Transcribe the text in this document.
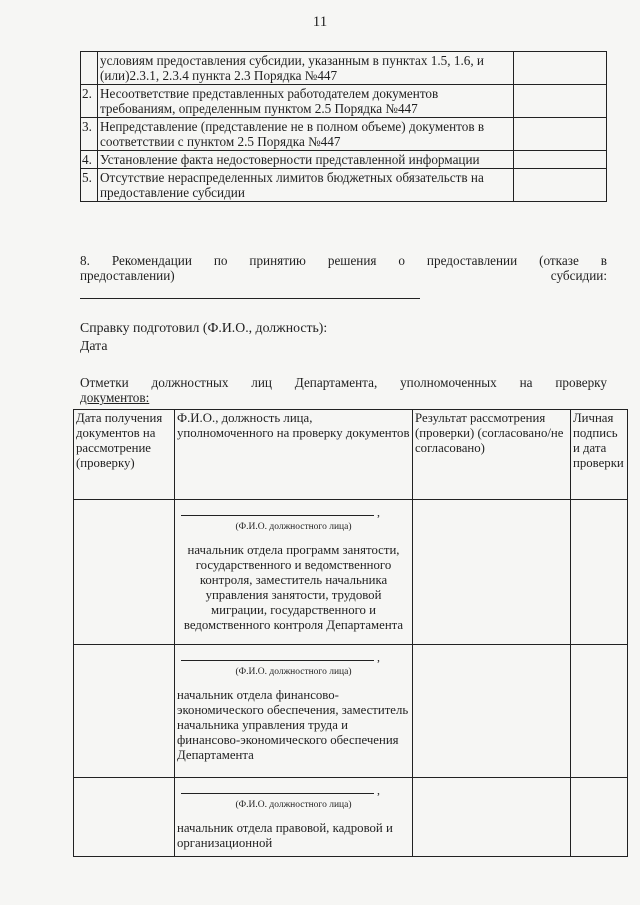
11
	условиям предоставления субсидии, указанным в пунктах 1.5, 1.6, и (или)2.3.1, 2.3.4 пункта 2.3 Порядка №447	
2.	Несоответствие представленных работодателем документов требованиям, определенным пунктом 2.5 Порядка №447	
3.	Непредставление (представление не в полном объеме) документов в соответствии с пунктом 2.5 Порядка №447	
4.	Установление факта недостоверности представленной информации	
5.	Отсутствие нераспределенных лимитов бюджетных обязательств на предоставление субсидии	
8. Рекомендации по принятию решения о предоставлении (отказе в
предоставлении)	субсидии:
Справку подготовил (Ф.И.О., должность):
Дата
Отметки должностных лиц Департамента, уполномоченных на проверку
документов:
Дата получения документов на рассмотрение (проверку)	Ф.И.О., должность лица, уполномоченного на проверку документов	Результат рассмотрения (проверки) (согласовано/не согласовано)	Личная подпись и дата проверки

	,
(Ф.И.О. должностного лица)
начальник отдела программ занятости, государственного и ведомственного контроля, заместитель начальника управления занятости, трудовой миграции, государственного и ведомственного контроля Департамента		

	,
(Ф.И.О. должностного лица)
начальник отдела финансово-экономического обеспечения, заместитель начальника управления труда и финансово-экономического обеспечения Департамента		

	,
(Ф.И.О. должностного лица)
начальник отдела правовой, кадровой и организационной		
